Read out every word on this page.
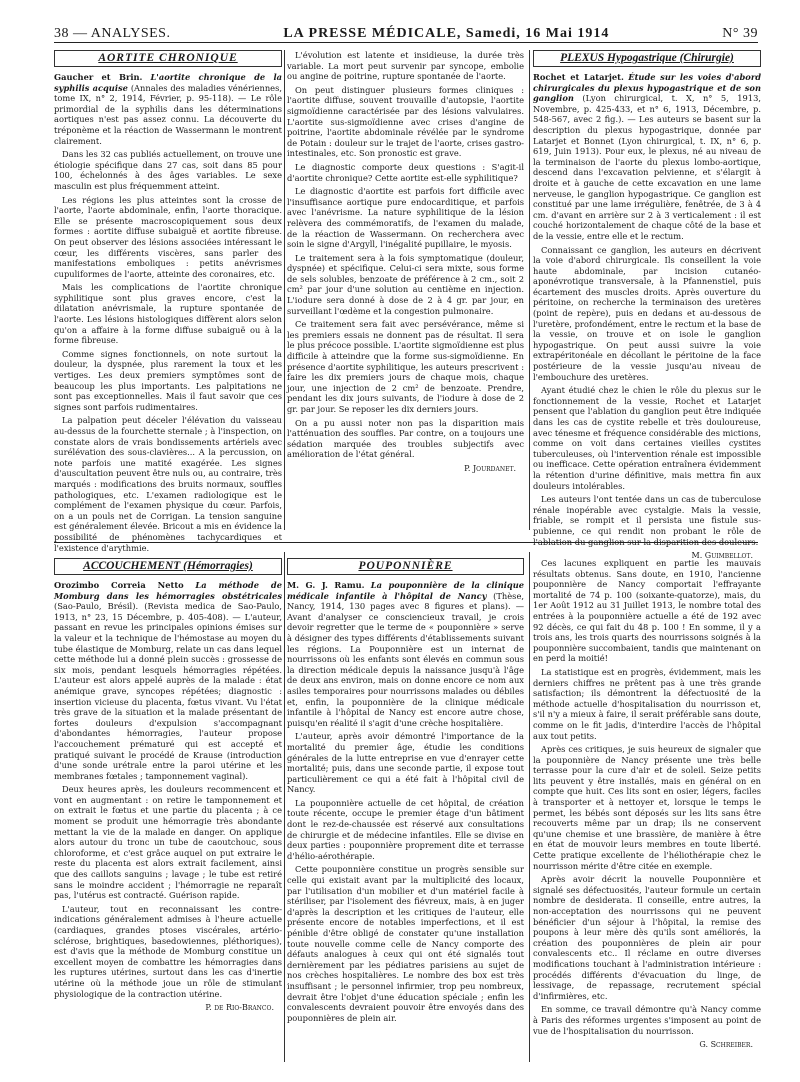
38 — ANALYSES.	LA PRESSE MÉDICALE, Samedi, 16 Mai 1914	N° 39
AORTITE CHRONIQUE

Gaucher et Brin. L'aortite chronique de la syphilis acquise (Annales des maladies vénériennes, tome IX, n° 2, 1914, Février, p. 95-118). — Le rôle primordial de la syphilis dans les déterminations aortiques n'est pas assez connu. La découverte du tréponème et la réaction de Wassermann le montrent clairement.

Dans les 32 cas publiés actuellement, on trouve une étiologie spécifique dans 27 cas, soit dans 85 pour 100, échelonnés à des âges variables. Le sexe masculin est plus fréquemment atteint.

Les régions les plus atteintes sont la crosse de l'aorte, l'aorte abdominale, enfin, l'aorte thoracique. Elle se présente macroscopiquement sous deux formes : aortite diffuse subaiguë et aortite fibreuse. On peut observer des lésions associées intéressant le cœur, les différents viscères, sans parler des manifestations emboliques : petits anévrismes cupuliformes de l'aorte, atteinte des coronaires, etc.

Mais les complications de l'aortite chronique syphilitique sont plus graves encore, c'est la dilatation anévrismale, la rupture spontanée de l'aorte. Les lésions histologiques diffèrent alors selon qu'on a affaire à la forme diffuse subaiguë ou à la forme fibreuse.

Comme signes fonctionnels, on note surtout la douleur, la dyspnée, plus rarement la toux et les vertiges. Les deux premiers symptômes sont de beaucoup les plus importants. Les palpitations ne sont pas exceptionnelles. Mais il faut savoir que ces signes sont parfois rudimentaires.

La palpation peut déceler l'élévation du vaisseau au-dessus de la fourchette sternale ; à l'inspection, on constate alors de vrais bondissements artériels avec surélévation des sous-clavières... A la percussion, on note parfois une matité exagérée. Les signes d'auscultation peuvent être nuls ou, au contraire, très marqués : modifications des bruits normaux, souffles pathologiques, etc. L'examen radiologique est le complément de l'examen physique du cœur. Parfois, on a un pouls net de Corrigan. La tension sanguine est généralement élevée. Bricout a mis en évidence la possibilité de phénomènes tachycardiques et l'existence d'arythmie.

L'évolution est latente et insidieuse, la durée très variable. La mort peut survenir par syncope, embolie ou angine de poitrine, rupture spontanée de l'aorte.

On peut distinguer plusieurs formes cliniques : l'aortite diffuse, souvent trouvaille d'autopsie, l'aortite sigmoïdienne caractérisée par des lésions valvulaires. L'aortite sus-sigmoïdienne avec crises d'angine de poitrine, l'aortite abdominale révélée par le syndrome de Potain : douleur sur le trajet de l'aorte, crises gastro-intestinales, etc. Son pronostic est grave.

Le diagnostic comporte deux questions : S'agit-il d'aortite chronique? Cette aortite est-elle syphilitique?

Le diagnostic d'aortite est parfois fort difficile avec l'insuffisance aortique pure endocarditique, et parfois avec l'anévrisme. La nature syphilitique de la lésion relèvera des commémoratifs, de l'examen du malade, de la réaction de Wassermann. On recherchera avec soin le signe d'Argyll, l'inégalité pupillaire, le myosis.

Le traitement sera à la fois symptomatique (douleur, dyspnée) et spécifique. Celui-ci sera mixte, sous forme de sels solubles, benzoate de préférence à 2 cm., soit 2 cm² par jour d'une solution au centième en injection. L'iodure sera donné à dose de 2 à 4 gr. par jour, en surveillant l'œdème et la congestion pulmonaire.

Ce traitement sera fait avec persévérance, même si les premiers essais ne donnent pas de résultat. Il sera le plus précoce possible. L'aortite sigmoïdienne est plus difficile à atteindre que la forme sus-sigmoïdienne. En présence d'aortite syphilitique, les auteurs prescrivent : faire les dix premiers jours de chaque mois, chaque jour, une injection de 2 cm² de benzoate. Prendre, pendant les dix jours suivants, de l'iodure à dose de 2 gr. par jour. Se reposer les dix derniers jours.

On a pu aussi noter non pas la disparition mais l'atténuation des souffles. Par contre, on a toujours une sédation marquée des troubles subjectifs avec amélioration de l'état général.

P. Jourdanet.
PLEXUS Hypogastrique (Chirurgie)

Rochet et Latarjet. Étude sur les voies d'abord chirurgicales du plexus hypogastrique et de son ganglion (Lyon chirurgical, t. X, n° 5, 1913, Novembre, p. 425-433, et n° 6, 1913, Décembre, p. 548-567, avec 2 fig.). — Les auteurs se basent sur la description du plexus hypogastrique, donnée par Latarjet et Bonnet (Lyon chirurgical, t. IX, n° 6, p. 619, Juin 1913). Pour eux, le plexus, né au niveau de la terminaison de l'aorte du plexus lombo-aortique, descend dans l'excavation pelvienne, et s'élargit à droite et à gauche de cette excavation en une lame nerveuse, le ganglion hypogastrique. Ce ganglion est constitué par une lame irrégulière, fenêtrée, de 3 à 4 cm. d'avant en arrière sur 2 à 3 verticalement : il est couché horizontalement de chaque côté de la base et de la vessie, entre elle et le rectum.

Connaissant ce ganglion, les auteurs en décrivent la voie d'abord chirurgicale. Ils conseillent la voie haute abdominale, par incision cutanéo-aponévrotique transversale, à la Pfannenstiel, puis écartement des muscles droits. Après ouverture du péritoine, on recherche la terminaison des uretères (point de repère), puis en dedans et au-dessous de l'uretère, profondément, entre le rectum et la base de la vessie, on trouve et on isole le ganglion hypogastrique. On peut aussi suivre la voie extrapéritonéale en décollant le péritoine de la face postérieure de la vessie jusqu'au niveau de l'embouchure des uretères.

Ayant étudié chez le chien le rôle du plexus sur le fonctionnement de la vessie, Rochet et Latarjet pensent que l'ablation du ganglion peut être indiquée dans les cas de cystite rebelle et très douloureuse, avec ténesme et fréquence considérable des mictions, comme on voit dans certaines vieilles cystites tuberculeuses, où l'intervention rénale est impossible ou inefficace. Cette opération entraînera évidemment la rétention d'urine définitive, mais mettra fin aux douleurs intolérables.

Les auteurs l'ont tentée dans un cas de tuberculose rénale inopérable avec cystalgie. Mais la vessie, friable, se rompit et il persista une fistule sus-pubienne, ce qui rendit non probant le rôle de l'ablation du ganglion sur la disparition des douleurs.

M. Guimbellot.
ACCOUCHEMENT (Hémorragies)

Orozimbo Correia Netto La méthode de Momburg dans les hémorragies obstétricales (Sao-Paulo, Brésil). (Revista medica de Sao-Paulo, 1913, n° 23, 15 Décembre, p. 405-408). — L'auteur, passant en revue les principales opinions émises sur la valeur et la technique de l'hémostase au moyen du tube élastique de Momburg, relate un cas dans lequel cette méthode lui a donné plein succès : grossesse de six mois, pendant lesquels hémorragies répétées. L'auteur est alors appelé auprès de la malade : état anémique grave, syncopes répétées; diagnostic : insertion vicieuse du placenta, fœtus vivant. Vu l'état très grave de la situation et la malade présentant de fortes douleurs d'expulsion s'accompagnant d'abondantes hémorragies, l'auteur propose l'accouchement prématuré qui est accepté et pratiqué suivant le procédé de Krause (introduction d'une sonde urétrale entre la paroi utérine et les membranes fœtales ; tamponnement vaginal).

Deux heures après, les douleurs recommencent et vont en augmentant : on retire le tamponnement et on extrait le fœtus et une partie du placenta ; à ce moment se produit une hémorragie très abondante mettant la vie de la malade en danger. On applique alors autour du tronc un tube de caoutchouc, sous chloroforme, et c'est grâce auquel on put extraire le reste du placenta est alors extrait facilement, ainsi que des caillots sanguins ; lavage ; le tube est retiré sans le moindre accident ; l'hémorragie ne reparaît pas, l'utérus est contracté. Guérison rapide.

L'auteur, tout en reconnaissant les contre-indications généralement admises à l'heure actuelle (cardiaques, grandes ptoses viscérales, artério-sclérose, brightiques, basedowiennes, pléthoriques), est d'avis que la méthode de Momburg constitue un excellent moyen de combattre les hémorragies dans les ruptures utérines, surtout dans les cas d'inertie utérine où la méthode joue un rôle de stimulant physiologique de la contraction utérine.

P. de Rio-Branco.
POUPONNIÈRE

M. G. J. Ramu. La pouponnière de la clinique médicale infantile à l'hôpital de Nancy (Thèse, Nancy, 1914, 130 pages avec 8 figures et plans). — Avant d'analyser ce consciencieux travail, je crois devoir regretter que le terme de « pouponnière » serve à désigner des types différents d'établissements suivant les régions. La Pouponnière est un internat de nourrissons où les enfants sont élevés en commun sous la direction médicale depuis la naissance jusqu'à l'âge de deux ans environ, mais on donne encore ce nom aux asiles temporaires pour nourrissons malades ou débiles et, enfin, la pouponnière de la clinique médicale infantile à l'hôpital de Nancy est encore autre chose, puisqu'en réalité il s'agit d'une crèche hospitalière.

L'auteur, après avoir démontré l'importance de la mortalité du premier âge, étudie les conditions générales de la lutte entreprise en vue d'enrayer cette mortalité; puis, dans une seconde partie, il expose tout particulièrement ce qui a été fait à l'hôpital civil de Nancy.

La pouponnière actuelle de cet hôpital, de création toute récente, occupe le premier étage d'un bâtiment dont le rez-de-chaussée est réservé aux consultations de chirurgie et de médecine infantiles. Elle se divise en deux parties : pouponnière proprement dite et terrasse d'hélio-aérothérapie.

Cette pouponnière constitue un progrès sensible sur celle qui existait avant par la multiplicité des locaux, par l'utilisation d'un mobilier et d'un matériel facile à stériliser, par l'isolement des fiévreux, mais, à en juger d'après la description et les critiques de l'auteur, elle présente encore de notables imperfections, et il est pénible d'être obligé de constater qu'une installation toute nouvelle comme celle de Nancy comporte des défauts analogues à ceux qui ont été signalés tout dernièrement par les pédiatres parisiens au sujet de nos crèches hospitalières. Le nombre des box est très insuffisant ; le personnel infirmier, trop peu nombreux, devrait être l'objet d'une éducation spéciale ; enfin les convalescents devraient pouvoir être envoyés dans des pouponnières de plein air.

Ces lacunes expliquent en partie les mauvais résultats obtenus. Sans doute, en 1910, l'ancienne pouponnière de Nancy comportait l'effrayante mortalité de 74 p. 100 (soixante-quatorze), mais, du 1er Août 1912 au 31 Juillet 1913, le nombre total des entrées à la pouponnière actuelle a été de 192 avec 92 décès, ce qui fait du 48 p. 100 ! En somme, il y a trois ans, les trois quarts des nourrissons soignés à la pouponnière succombaient, tandis que maintenant on en perd la moitié!

La statistique est en progrès, évidemment, mais les derniers chiffres ne prêtent pas à une très grande satisfaction; ils démontrent la défectuosité de la méthode actuelle d'hospitalisation du nourrisson et, s'il n'y a mieux à faire, il serait préférable sans doute, comme on le fit jadis, d'interdire l'accès de l'hôpital aux tout petits.

Après ces critiques, je suis heureux de signaler que la pouponnière de Nancy présente une très belle terrasse pour la cure d'air et de soleil. Seize petits lits peuvent y être installés, mais en général on en compte que huit. Ces lits sont en osier, légers, faciles à transporter et à nettoyer et, lorsque le temps le permet, les bébés sont déposés sur les lits sans être recouverts même par un drap; ils ne conservent qu'une chemise et une brassière, de manière à être en état de mouvoir leurs membres en toute liberté. Cette pratique excellente de l'héliothérapie chez le nourrisson mérite d'être citée en exemple.

Après avoir décrit la nouvelle Pouponnière et signalé ses défectuosités, l'auteur formule un certain nombre de desiderata. Il conseille, entre autres, la non-acceptation des nourrissons qui ne peuvent bénéficier d'un séjour à l'hôpital, la remise des poupons à leur mère dès qu'ils sont améliorés, la création des pouponnières de plein air pour convalescents etc.. Il réclame en outre diverses modifications touchant à l'administration intérieure : procédés différents d'évacuation du linge, de lessivage, de repassage, recrutement spécial d'infirmières, etc.

En somme, ce travail démontre qu'à Nancy comme à Paris des réformes urgentes s'imposent au point de vue de l'hospitalisation du nourrisson.

G. Schreiber.
